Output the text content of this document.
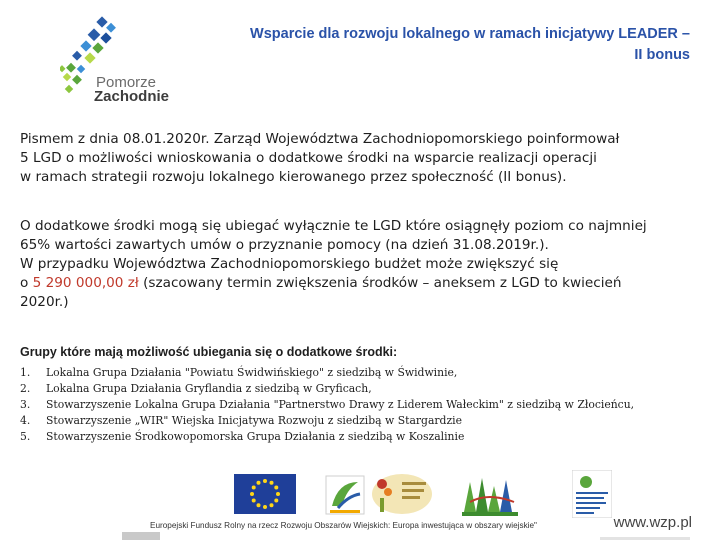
Pomorze
Zachodnie
Wsparcie dla rozwoju lokalnego w ramach inicjatywy LEADER –
II bonus
Pismem z dnia 08.01.2020r. Zarząd Województwa Zachodniopomorskiego poinformował
5 LGD o możliwości wnioskowania o dodatkowe środki na wsparcie realizacji operacji
w ramach strategii rozwoju lokalnego kierowanego przez społeczność (II bonus).
O dodatkowe środki mogą się ubiegać wyłącznie te LGD które osiągnęły poziom co najmniej
65% wartości zawartych umów o przyznanie pomocy (na dzień 31.08.2019r.).
W przypadku Województwa Zachodniopomorskiego budżet może zwiększyć się
o 5 290 000,00 zł (szacowany termin zwiększenia środków – aneksem z LGD to kwiecień
2020r.)
Grupy które mają możliwość ubiegania się o dodatkowe środki:
1.	Lokalna Grupa Działania "Powiatu Świdwińskiego" z siedzibą w Świdwinie,
2.	Lokalna Grupa Działania Gryflandia z siedzibą w Gryficach,
3.	Stowarzyszenie Lokalna Grupa Działania "Partnerstwo Drawy z Liderem Wałeckim" z siedzibą w Złocieńcu,
4.	Stowarzyszenie „WIR" Wiejska Inicjatywa Rozwoju z siedzibą w Stargardzie
5.	Stowarzyszenie Środkowopomorska Grupa Działania z siedzibą w Koszalinie
Europejski Fundusz Rolny na rzecz Rozwoju Obszarów Wiejskich: Europa inwestująca w obszary wiejskie"	www.wzp.pl
